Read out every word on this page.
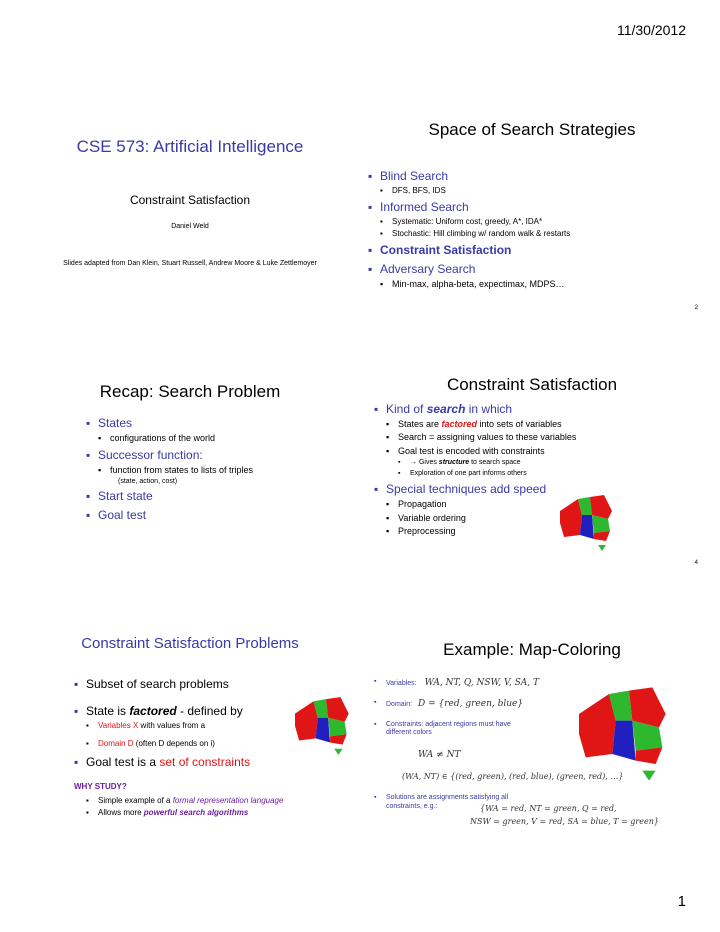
11/30/2012
CSE 573: Artificial Intelligence
Constraint Satisfaction
Daniel Weld
Slides adapted from Dan Klein, Stuart Russell, Andrew Moore & Luke Zettlemoyer
Space of Search Strategies
▪ Blind Search
▪ DFS, BFS, IDS
▪ Informed Search
▪ Systematic: Uniform cost, greedy, A*, IDA*
▪ Stochastic: Hill climbing w/ random walk & restarts
▪ Constraint Satisfaction
▪ Adversary Search
▪ Min-max, alpha-beta, expectimax, MDPS…
2
Recap: Search Problem
▪ States
▪ configurations of the world
▪ Successor function:
▪ function from states to lists of triples
(state, action, cost)
▪ Start state
▪ Goal test
Constraint Satisfaction
▪ Kind of search in which
▪ States are factored into sets of variables
▪ Search = assigning values to these variables
▪ Goal test is encoded with constraints
▪ → Gives structure to search space
▪ Exploration of one part informs others
▪ Special techniques add speed
▪ Propagation
▪ Variable ordering
▪ Preprocessing
4
Constraint Satisfaction Problems
▪ Subset of search problems
▪ State is factored - defined by
▪ Variables X with values from a
▪ Domain D (often D depends on i)
▪ Goal test is a set of constraints
WHY STUDY?
▪ Simple example of a formal representation language
▪ Allows more powerful search algorithms
Example: Map-Coloring
▪ Variables: WA, NT, Q, NSW, V, SA, T
▪ Domain: D = {red, green, blue}
▪ Constraints: adjacent regions must have different colors
WA ≠ NT
(WA, NT) ∈ {(red, green), (red, blue), (green, red), …}
▪ Solutions are assignments satisfying all constraints, e.g.:	{WA = red, NT = green, Q = red,
NSW = green, V = red, SA = blue, T = green}
1
